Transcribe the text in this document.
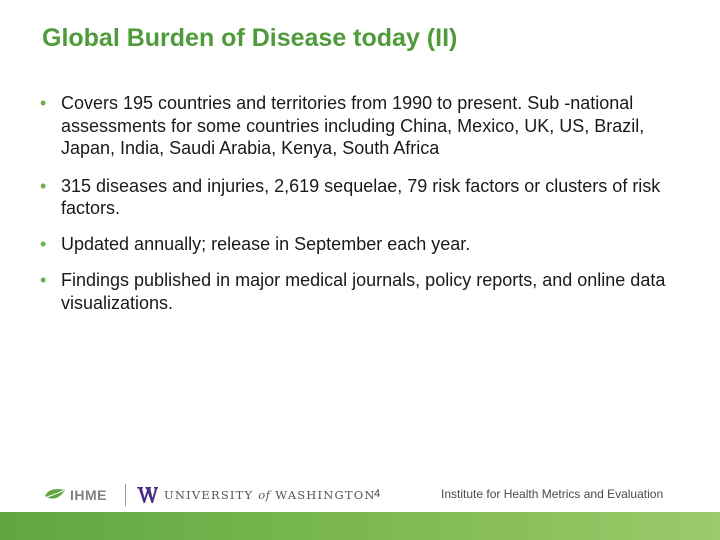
Global Burden of Disease today (II)
• Covers 195 countries and territories from 1990 to present. Sub -national assessments for some countries including China, Mexico, UK, US, Brazil, Japan, India, Saudi Arabia, Kenya, South Africa
• 315 diseases and injuries, 2,619 sequelae, 79 risk factors or clusters of risk factors.
• Updated annually; release in September each year.
• Findings published in major medical journals, policy reports, and online data visualizations.
IHME	UNIVERSITY of WASHINGTON
4	Institute for Health Metrics and Evaluation
